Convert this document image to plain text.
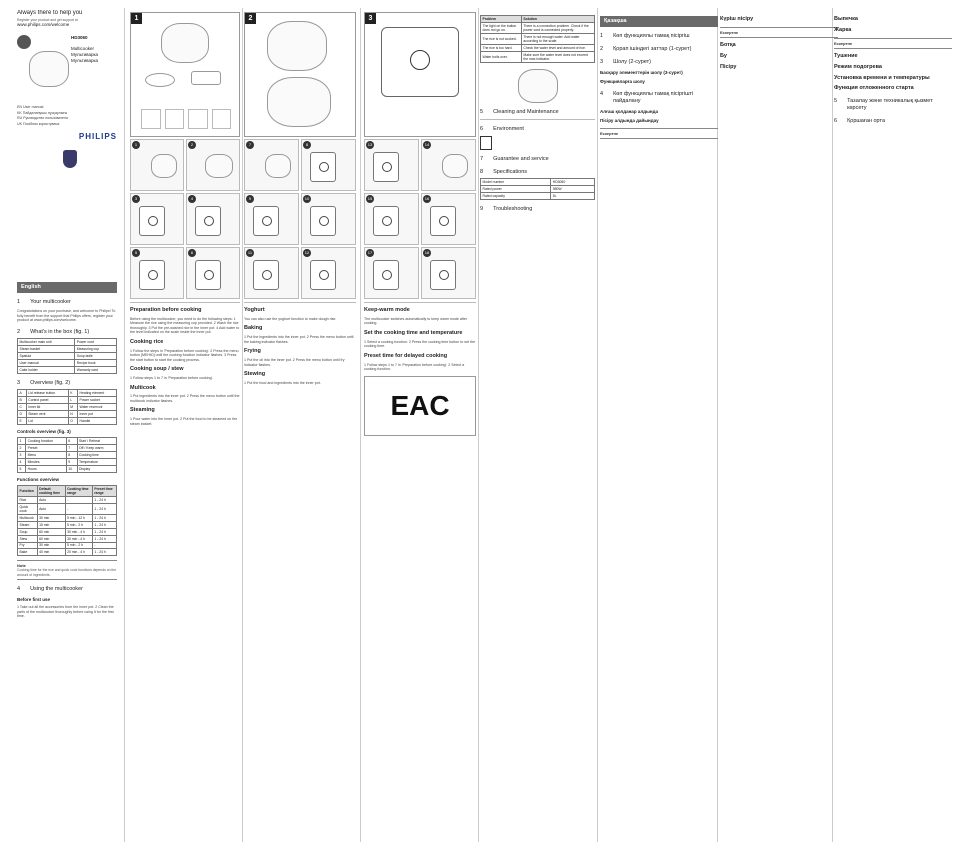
Always there to help you
Register your product and get support at
www.philips.com/welcome

HD3060

Multicooker
Мультиварка
Мультиварка

EN User manual
KK Пайдаланушы нұсқаулығы
RU Руководство пользователя
UK Посібник користувача
PHILIPS
English
1 Your multicooker
Congratulations on your purchase, and welcome to Philips! To fully benefit from the support that Philips offers, register your product at www.philips.com/welcome.
2 What's in the box (fig. 1)
Multicooker main unit	Power cord
Steam basket	Measuring cup
Spatula	Soup ladle
User manual	Recipe book
Cake holder	Warranty card
3 Overview (fig. 2)
A	Lid release button	K	Heating element
B	Control panel	L	Power socket
C	Inner lid	M	Water reservoir
D	Steam vent	N	Inner pot
E	Lid	O	Handle
Controls overview (fig. 3)
1	Cooking function	6	Start / Reheat
2	Preset	7	Off / Keep warm
3	Menu	8	Cooking time
4	Minutes	9	Temperature
5	Hours	10	Display
Functions overview
Function	Default cooking time	Cooking time range	Preset time range
Rice	Auto	-	1 - 24 h
Quick cook	Auto	-	1 - 24 h
Multicook	30 min	5 min - 12 h	1 - 24 h
Steam	15 min	5 min - 2 h	1 - 24 h
Soup	60 min	30 min - 4 h	1 - 24 h
Stew	60 min	30 min - 4 h	1 - 24 h
Fry	30 min	5 min - 2 h	-
Bake	40 min	20 min - 4 h	1 - 24 h
Note
Cooking time for the rice and quick cook functions depends on the amount of ingredients.
4 Using the multicooker
Before first use
1 Take out all the accessories from the inner pot. 2 Clean the parts of the multicooker thoroughly before using it for the first time.
1
1	2
3	4
5	6
Preparation before cooking
Before using the multicooker, you need to do the following steps: 1 Measure the rice using the measuring cup provided. 2 Wash the rice thoroughly. 3 Put the pre-washed rice in the inner pot. 4 Add water to the level indicated on the scale inside the inner pot.
Cooking rice
1 Follow the steps in 'Preparation before cooking'. 2 Press the menu button [МЕНЮ] until the cooking function indicator flashes. 3 Press the start button to start the cooking process.
Cooking soup / stew
1 Follow steps 1 to 7 in 'Preparation before cooking'.
Multicook
1 Put ingredients into the inner pot. 2 Press the menu button until the multicook indicator flashes.
Steaming
1 Pour water into the inner pot. 2 Put the food to be steamed on the steam basket.
2
7	8
9	10
11	12
Yoghurt
You can also use the yoghurt function to make dough rise.
Baking
1 Put the ingredients into the inner pot. 2 Press the menu button until the baking indicator flashes.
Frying
1 Put the oil into the inner pot. 2 Press the menu button until fry indicator flashes.
Stewing
1 Put the food and ingredients into the inner pot.
3
13	14
15	16
17	18
Keep-warm mode
The multicooker switches automatically to keep warm mode after cooking.
Set the cooking time and temperature
1 Select a cooking function. 2 Press the cooking time button to set the cooking time.
Preset time for delayed cooking
1 Follow steps 1 to 7 in 'Preparation before cooking'. 2 Select a cooking function.
EAC
Problem	Solution
The light on the button does not go on.	There is a connection problem. Check if the power cord is connected properly.
The rice is not cooked.	There is not enough water. Add water according to the scale.
The rice is too hard.	Check the water level and amount of rice.
Water boils over.	Make sure the water level does not exceed the max indicator.
5 Cleaning and Maintenance
6 Environment
7 Guarantee and service
8 Specifications
Model number	HD3060
Rated power	980W
Rated capacity	5L
9 Troubleshooting
Қазақша
1 Көп функциялы тамақ пісіргіш
2 Қорап ішіндегі заттар (1-сурет)
3 Шолу (2-сурет)
Басқару элементтерін шолу (3-сурет)
Функцияларға шолу
4 Көп функциялы тамақ пісіргішті пайдалану
Алғаш қолданар алдында
Пісіру алдында дайындау
Ескертпе
Күріш пісіру
Ескертпе
Ботқа
Бу
Пісіру
Выпечка
Жарка
Ескертпе
Тушение
Режим подогрева
Установка времени и температуры
Функция отложенного старта
5 Тазалау және техникалық қызмет көрсету
6 Қоршаған орта
